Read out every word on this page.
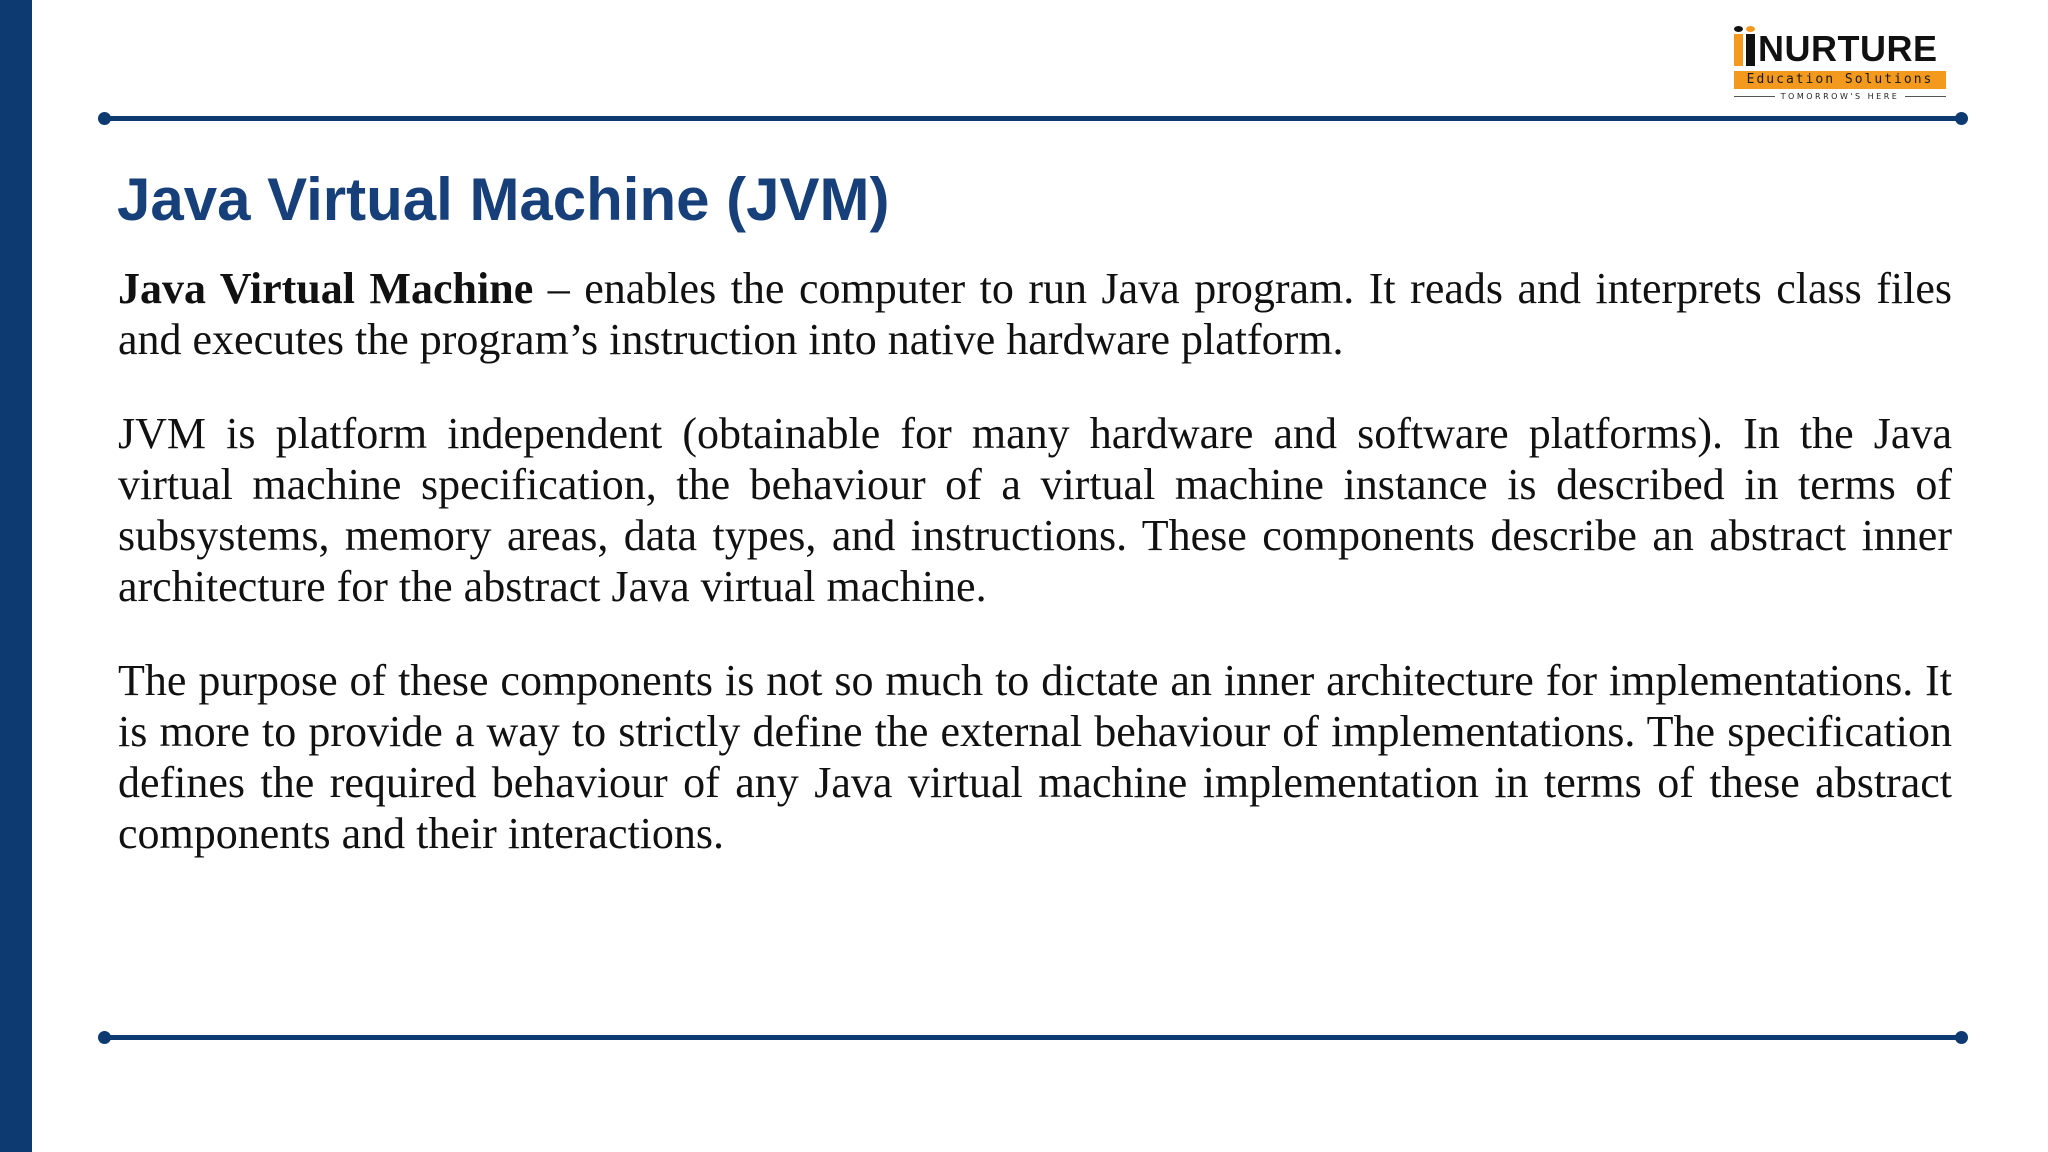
NURTURE
Education Solutions
TOMORROW'S HERE
Java Virtual Machine (JVM)

Java Virtual Machine – enables the computer to run Java program. It reads and interprets class files and executes the program’s instruction into native hardware platform.

JVM is platform independent (obtainable for many hardware and software platforms). In the Java virtual machine specification, the behaviour of a virtual machine instance is described in terms of subsystems, memory areas, data types, and instructions. These components describe an abstract inner architecture for the abstract Java virtual machine.

The purpose of these components is not so much to dictate an inner architecture for implementations. It is more to provide a way to strictly define the external behaviour of implementations. The specification defines the required behaviour of any Java virtual machine implementation in terms of these abstract components and their interactions.
